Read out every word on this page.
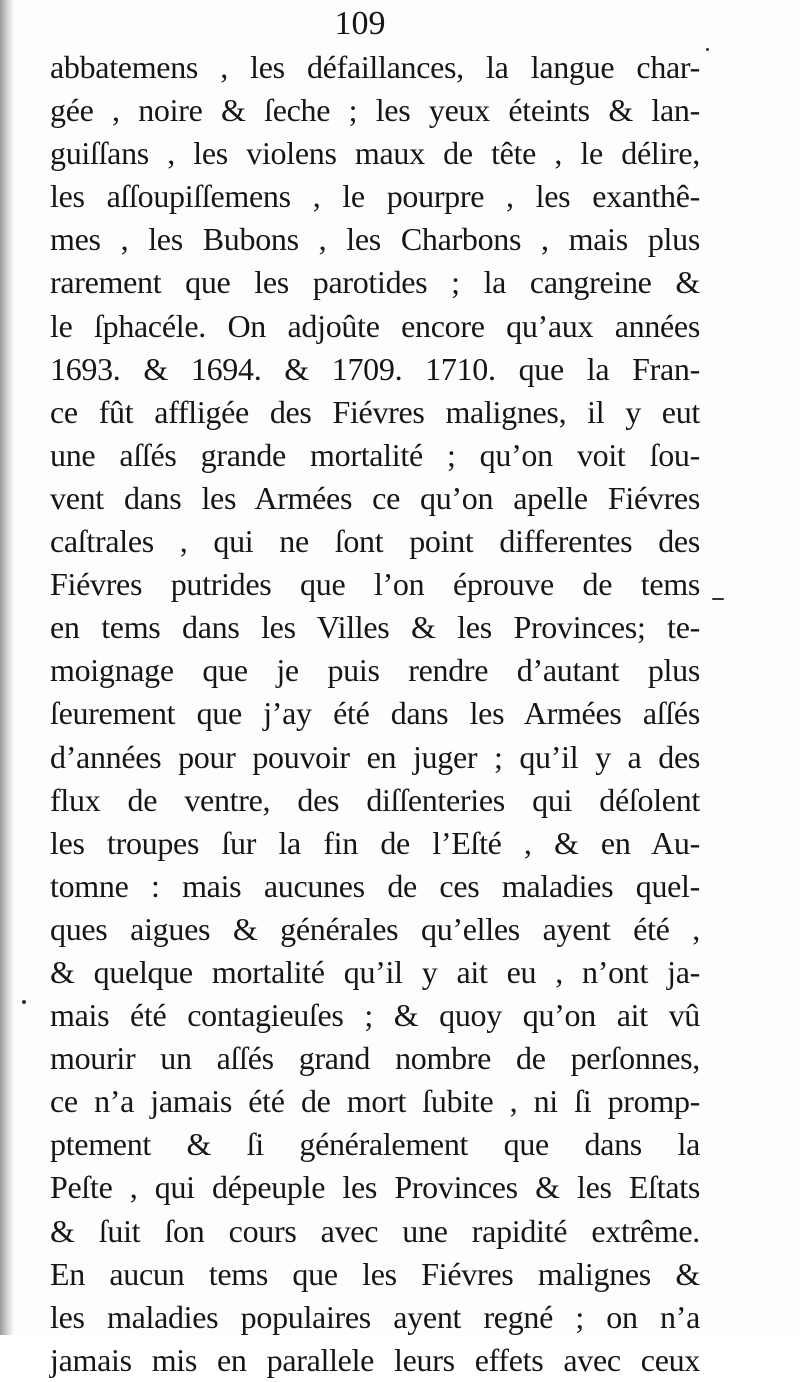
109
abbatemens , les défaillances, la langue char-
gée , noire & ſeche ; les yeux éteints & lan-
guiſſans , les violens maux de tête , le délire,
les aſſoupiſſemens , le pourpre , les exanthê-
mes , les Bubons , les Charbons , mais plus
rarement que les parotides ; la cangreine &
le ſphacéle. On adjoûte encore qu’aux années
1693. & 1694. & 1709. 1710. que la Fran-
ce fût affligée des Fiévres malignes, il y eut
une aſſés grande mortalité ; qu’on voit ſou-
vent dans les Armées ce qu’on apelle Fiévres
caſtrales , qui ne ſont point differentes des
Fiévres putrides que l’on éprouve de tems
en tems dans les Villes & les Provinces; te-
moignage que je puis rendre d’autant plus
ſeurement que j’ay été dans les Armées aſſés
d’années pour pouvoir en juger ; qu’il y a des
flux de ventre, des diſſenteries qui déſolent
les troupes ſur la fin de l’Eſté , & en Au-
tomne : mais aucunes de ces maladies quel-
ques aigues & générales qu’elles ayent été ,
& quelque mortalité qu’il y ait eu , n’ont ja-
mais été contagieuſes ; & quoy qu’on ait vû
mourir un aſſés grand nombre de perſonnes,
ce n’a jamais été de mort ſubite , ni ſi promp-
ptement & ſi généralement que dans la
Peſte , qui dépeuple les Provinces & les Eſtats
& ſuit ſon cours avec une rapidité extrême.
En aucun tems que les Fiévres malignes &
les maladies populaires ayent regné ; on n’a
jamais mis en parallele leurs effets avec ceux
